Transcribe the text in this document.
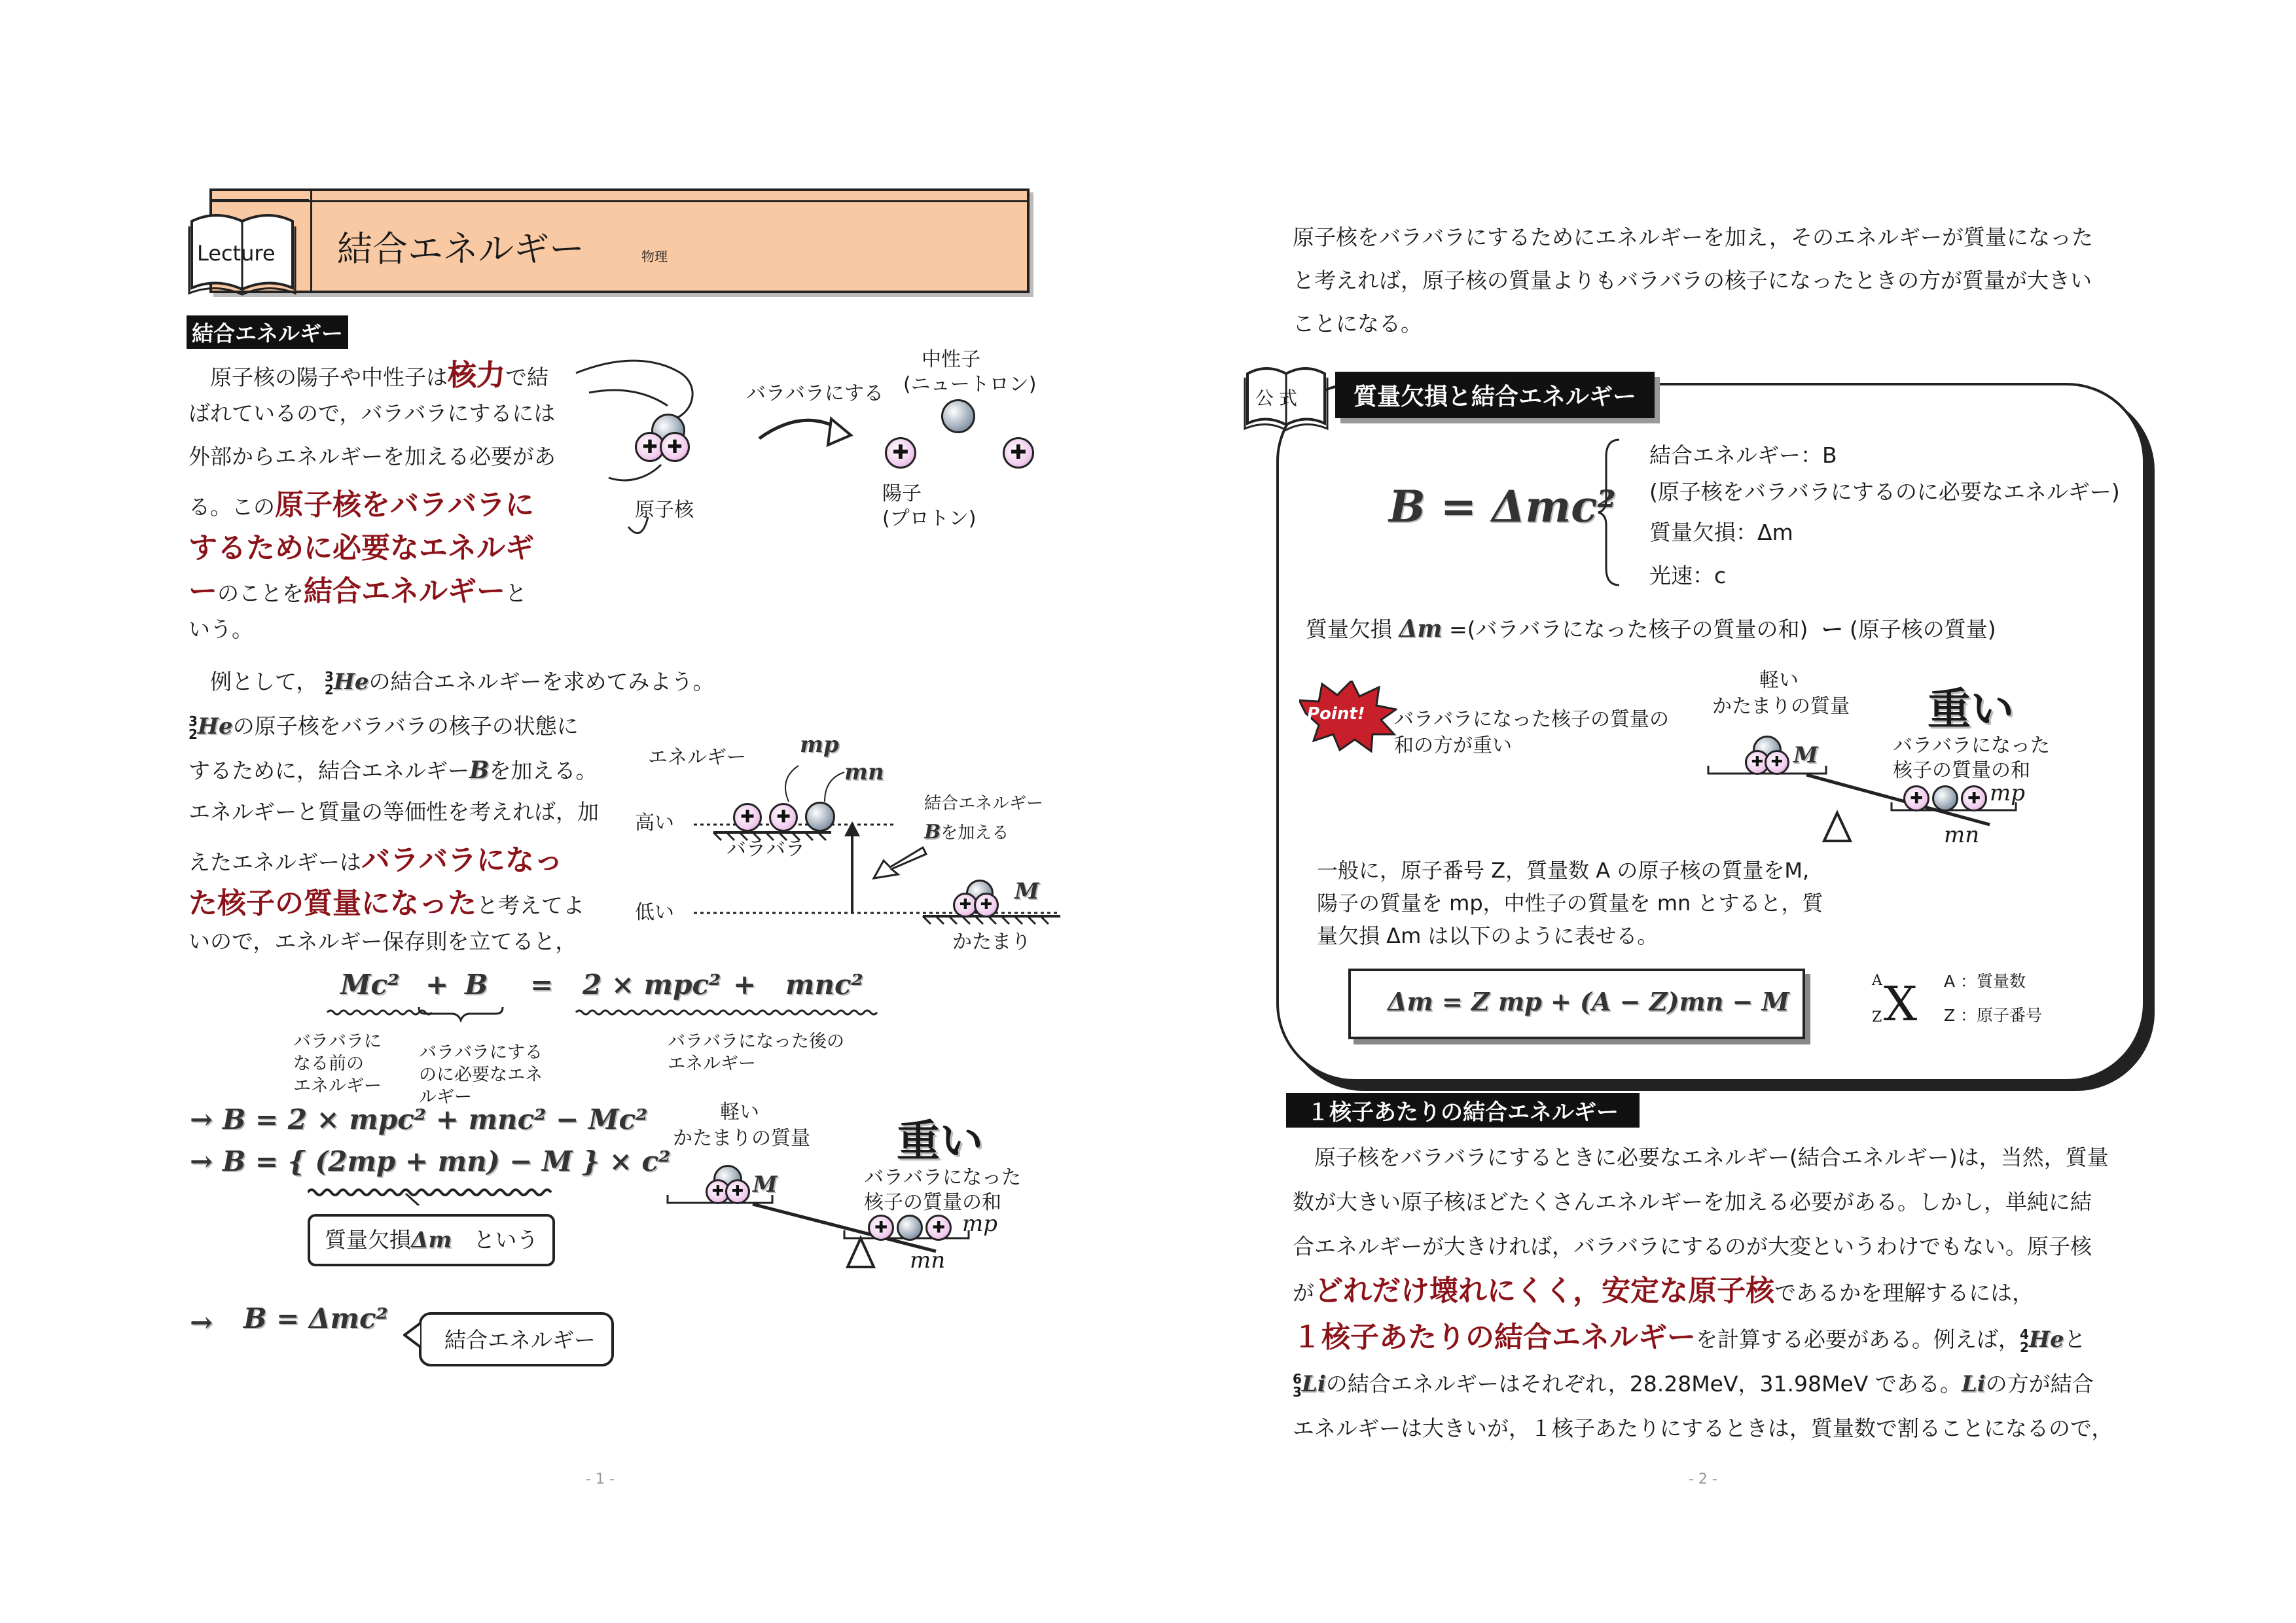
Lecture 結合エネルギー	物理
結合エネルギー
　原子核の陽子や中性子は核力で結
ばれているので，バラバラにするには
外部からエネルギーを加える必要があ
る。この原子核をバラバラに
するために必要なエネルギ
ーのことを結合エネルギーと
いう。
✚
✚
バラバラにする
中性子
(ニュートロン)
✚
✚
原子核
陽子
(プロトン)
　例として， 3
2 Heの結合エネルギーを求めてみよう。
3
2 Heの原子核をバラバラの核子の状態に
するために，結合エネルギーBを加える。
エネルギーと質量の等価性を考えれば，加
えたエネルギーはバラバラになっ
た核子の質量になったと考えてよ
いので，エネルギー保存則を立てると，
エネルギー mp
mn
高い
低い
✚
✚
バラバラ
結合エネルギー
Bを加える
✚
✚
M
かたまり
Mc² + B = 2 × mpc² + mnc²
バラバラに
なる前の
エネルギー
バラバラにする
のに必要なエネ
ルギー
バラバラになった後の
エネルギー
→ B = 2 × mpc² + mnc² − Mc²
→ B = { (2mp + mn) − M } × c²
質量欠損Δm　 という
→ B = Δmc²
結合エネルギー
軽い
かたまりの質量
✚
✚
M
重い
バラバラになった
核子の質量の和
✚
✚
mp
mn
- 1 -
原子核をバラバラにするためにエネルギーを加え，そのエネルギーが質量になった
と考えれば，原子核の質量よりもバラバラの核子になったときの方が質量が大きい
ことになる。
公式	質量欠損と結合エネルギー
B = Δmc²
結合エネルギー：B
(原子核をバラバラにするのに必要なエネルギー)
質量欠損：Δm
光速：c
質量欠損 Δm =(バラバラになった核子の質量の和) ー (原子核の質量)
Point! バラバラになった核子の質量の
和の方が重い
軽い
かたまりの質量
✚
✚
M
重い
バラバラになった
核子の質量の和
✚
✚
mp
mn
一般に，原子番号 Z，質量数 A の原子核の質量をM,
陽子の質量を mp，中性子の質量を mn とすると，質
量欠損 Δm は以下のように表せる。
Δm = Z mp + (A − Z)mn − M
A
Z X A ：質量数
Z ：原子番号
１核子あたりの結合エネルギー
　原子核をバラバラにするときに必要なエネルギー(結合エネルギー)は，当然，質量
数が大きい原子核ほどたくさんエネルギーを加える必要がある。しかし，単純に結
合エネルギーが大きければ，バラバラにするのが大変というわけでもない。原子核
がどれだけ壊れにくく，安定な原子核であるかを理解するには，
１核子あたりの結合エネルギーを計算する必要がある。例えば， 4
2 Heと
6
3 Liの結合エネルギーはそれぞれ，28.28MeV，31.98MeV である。Liの方が結合
エネルギーは大きいが，１核子あたりにするときは，質量数で割ることになるので，
- 2 -
